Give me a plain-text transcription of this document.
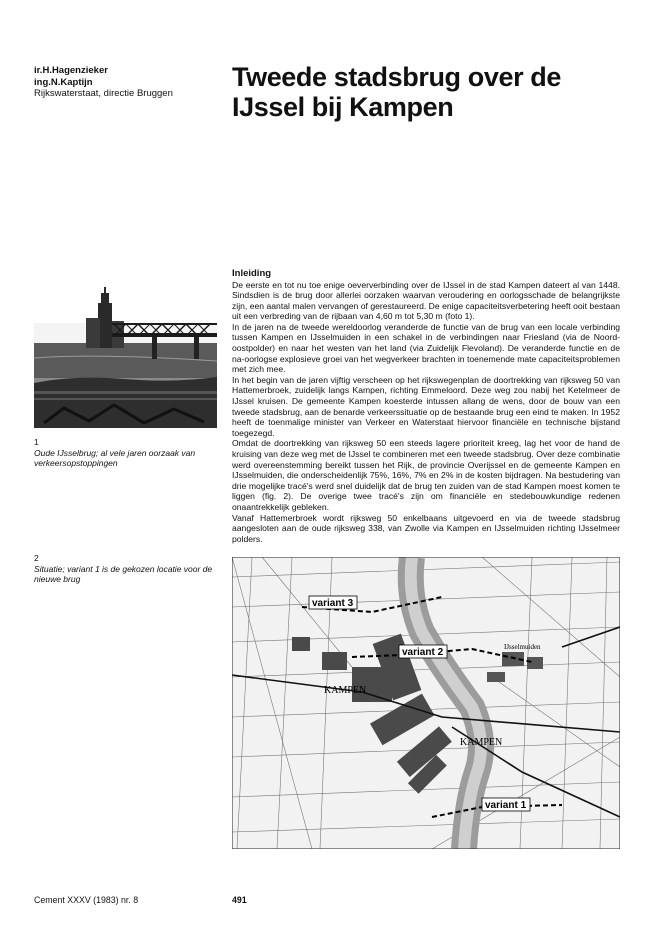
ir.H.Hagenzieker
ing.N.Kaptijn
Rijkswaterstaat, directie Bruggen
Tweede stadsbrug over de
IJssel bij Kampen
1
Oude IJsselbrug; al vele jaren oorzaak van verkeersopstoppingen
2
Situatie; variant 1 is de gekozen locatie voor de nieuwe brug
Inleiding

De eerste en tot nu toe enige oeververbinding over de IJssel in de stad Kampen dateert al van 1448. Sindsdien is de brug door allerlei oorzaken waarvan veroudering en oorlogsschade de belangrijkste zijn, een aantal malen vervangen of gerestaureerd. De enige capaciteitsverbetering heeft ooit bestaan uit een verbreding van de rijbaan van 4,60 m tot 5,30 m (foto 1).

In de jaren na de tweede wereldoorlog veranderde de functie van de brug van een locale verbinding tussen Kampen en IJsselmuiden in een schakel in de verbindingen naar Friesland (via de Noord-oostpolder) en naar het westen van het land (via Zuidelijk Flevoland). De veranderde functie en de na-oorlogse explosieve groei van het wegverkeer brachten in toenemende mate capaciteitsproblemen met zich mee.

In het begin van de jaren vijftig verscheen op het rijkswegenplan de doortrekking van rijksweg 50 van Hattemerbroek, zuidelijk langs Kampen, richting Emmeloord. Deze weg zou nabij het Ketelmeer de IJssel kruisen. De gemeente Kampen koesterde intussen allang de wens, door de bouw van een tweede stadsbrug, aan de benarde verkeerssituatie op de bestaande brug een eind te maken. In 1952 heeft de toenmalige minister van Verkeer en Waterstaat hiervoor financiële en technische bijstand toegezegd.

Omdat de doortrekking van rijksweg 50 een steeds lagere prioriteit kreeg, lag het voor de hand de kruising van deze weg met de IJssel te combineren met een tweede stadsbrug. Over deze combinatie werd overeenstemming bereikt tussen het Rijk, de provincie Overijssel en de gemeente Kampen en IJsselmuiden, die onderscheidenlijk 75%, 16%, 7% en 2% in de kosten bijdragen. Na bestudering van drie mogelijke tracé's werd snel duidelijk dat de brug ten zuiden van de stad Kampen moest komen te liggen (fig. 2). De overige twee tracé's zijn om financiële en stedebouwkundige redenen onaantrekkelijk gebleken.

Vanaf Hattemerbroek wordt rijksweg 50 enkelbaans uitgevoerd en via de tweede stadsbrug aangesloten aan de oude rijksweg 338, van Zwolle via Kampen en IJsselmuiden richting IJsselmeer polders.

variant 3
variant 2
variant 1
KAMPEN
KAMPEN
IJsselmuiden
Cement XXXV (1983) nr. 8	491
